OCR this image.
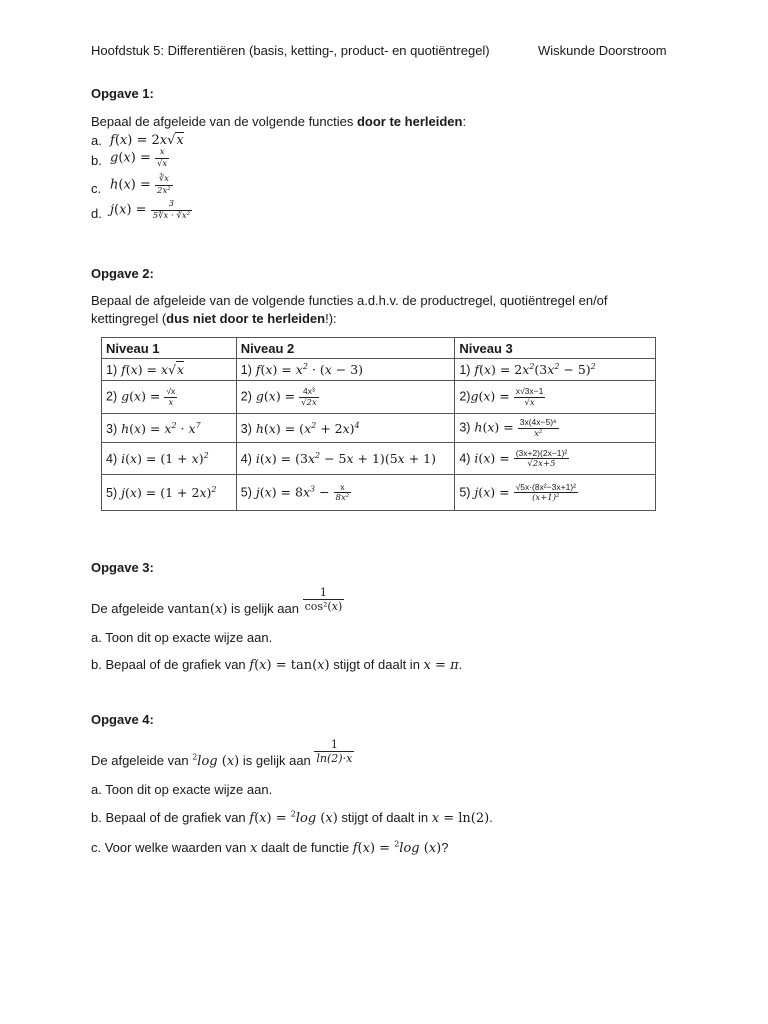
Hoofdstuk 5: Differentiëren (basis, ketting-, product- en quotiëntregel)	Wiskunde Doorstroom
Opgave 1:
Bepaal de afgeleide van de volgende functies door te herleiden:
a. f(x) = 2x√x
b. $g(x) = \frac{x}{√x}$
c. $h(x) = \frac{∛x}{\text{2x²}}$
d. $j(x) = \frac{3}{\text{5∜x · ∛x²}}$
Opgave 2:
Bepaal de afgeleide van de volgende functies a.d.h.v. de productregel, quotiëntregel en/of
kettingregel (dus niet door te herleiden!):
Niveau 1	Niveau 2	Niveau 3
1) f(x) = x√x	1) $f(x) = x^2 \cdot (x - 3)$	1) $f(x) = 2x^2(3x^2 - 5)^2$
2) $g(x) = \frac{√x}{x}$	2) $g(x) = \frac{\text{4x³}}{√2x}$	$2)g(x) = \frac{x√3x-1}{√x}$

3) $h(x) = x^2 \cdot x^7$	3) $h(x) = (x^2 + 2x)^4$	3) $h(x) = \frac{\text{3x(4x−5)⁸}}{\text{x²}}$

4) $i(x) = (1 + x)^2$	4) $i(x) = (3x^2 - 5x + 1)(5x + 1)$	4) $i(x) = \frac{\text{(3x+2)(2x−1)²}}{√2x+5}$

5) $j(x) = (1 + 2x)^2$	5) $j(x) = 8x^3 - \frac{x}{\text{8x²}}$	5) $j(x) = \frac{\text{√5x·(8x²−3x+1)²}}{\text{(x+1)²}}$
Opgave 3:
De afgeleide vantan(x) is gelijk aan $\frac{1}{\text{cos²(x)}}$
a. Toon dit op exacte wijze aan.
b. Bepaal of de grafiek van f(x) = tan(x) stijgt of daalt in x = π.
Opgave 4:
De afgeleide van $^2$log (x) is gelijk aan $\frac{1}{\ln(2)\cdot x}$
a. Toon dit op exacte wijze aan.
b. Bepaal of de grafiek van f(x) = $^2$log (x) stijgt of daalt in x = ln(2).
c. Voor welke waarden van x daalt de functie f(x) = $^2$log (x)?
